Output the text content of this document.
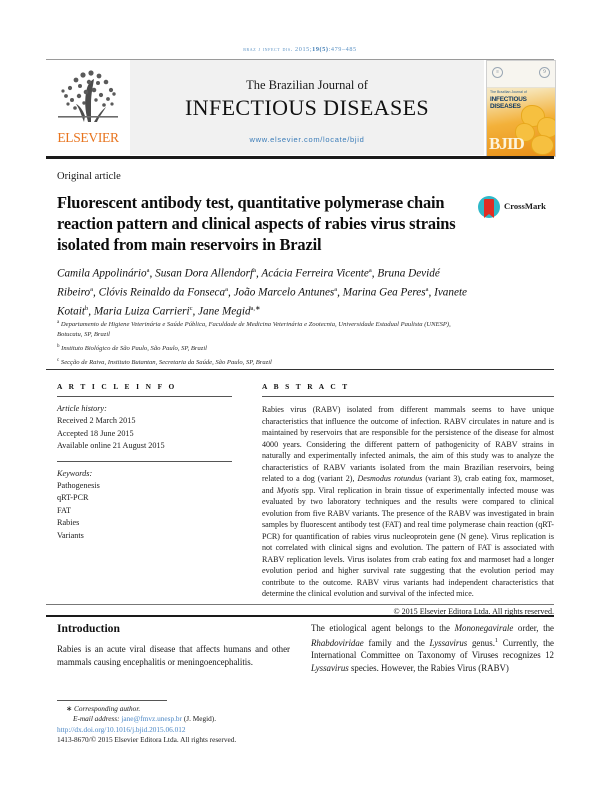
braz j infect dis. 2015;19(5):479–485
ELSEVIER
The Brazilian Journal of
INFECTIOUS DISEASES
www.elsevier.com/locate/bjid
≡	9
The Brazilian Journal of
INFECTIOUS DISEASES
BJID
Original article
Fluorescent antibody test, quantitative polymerase chain reaction pattern and clinical aspects of rabies virus strains isolated from main reservoirs in Brazil
CrossMark
Camila Appolinário$^a$, Susan Dora Allendorf$^a$, Acácia Ferreira Vicente$^a$, Bruna Devidé Ribeiro$^a$, Clóvis Reinaldo da Fonseca$^a$, João Marcelo Antunes$^a$, Marina Gea Peres$^a$, Ivanete Kotait$^b$, Maria Luiza Carrieri$^c$, Jane Megid$^{a,∗}$

$^a$ Departamento de Higiene Veterinária e Saúde Pública, Faculdade de Medicina Veterinária e Zootecnia, Universidade Estadual Paulista (UNESP), Botucatu, SP, Brazil

$^b$ Instituto Biológico de São Paulo, São Paulo, SP, Brazil

$^c$ Secção de Raiva, Instituto Butantan, Secretaria da Saúde, São Paulo, SP, Brazil

A R T I C L E I N F O
Article history:
Received 2 March 2015
Accepted 18 June 2015
Available online 21 August 2015
Keywords:
Pathogenesis
qRT-PCR
FAT
Rabies
Variants
A B S T R A C T
Rabies virus (RABV) isolated from different mammals seems to have unique characteristics that influence the outcome of infection. RABV circulates in nature and is maintained by reservoirs that are responsible for the persistence of the disease for almost 4000 years. Considering the different pattern of pathogenicity of RABV strains in naturally and experimentally infected animals, the aim of this study was to analyze the characteristics of RABV variants isolated from the main Brazilian reservoirs, being related to a dog (variant 2), Desmodus rotundus (variant 3), crab eating fox, marmoset, and Myotis spp. Viral replication in brain tissue of experimentally infected mouse was evaluated by two laboratory techniques and the results were compared to clinical evolution from five RABV variants. The presence of the RABV was investigated in brain samples by fluorescent antibody test (FAT) and real time polymerase chain reaction (qRT-PCR) for quantification of rabies virus nucleoprotein gene (N gene). Virus replication is not correlated with clinical signs and evolution. The pattern of FAT is associated with RABV replication levels. Virus isolates from crab eating fox and marmoset had a longer evolution period and higher survival rate suggesting that the evolution period may contribute to the outcome. RABV virus variants had independent characteristics that determine the clinical evolution and survival of the infected mice.
© 2015 Elsevier Editora Ltda. All rights reserved.
Introduction

Rabies is an acute viral disease that affects humans and other mammals causing encephalitis or meningoencephalitis.

The etiological agent belongs to the Mononegavirale order, the Rhabdoviridae family and the Lyssavirus genus.$^1$ Currently, the International Committee on Taxonomy of Viruses recognizes 12 Lyssavirus species. However, the Rabies Virus (RABV)

∗ Corresponding author.
E-mail address: jane@fmvz.unesp.br (J. Megid).
http://dx.doi.org/10.1016/j.bjid.2015.06.012
1413-8670/© 2015 Elsevier Editora Ltda. All rights reserved.
